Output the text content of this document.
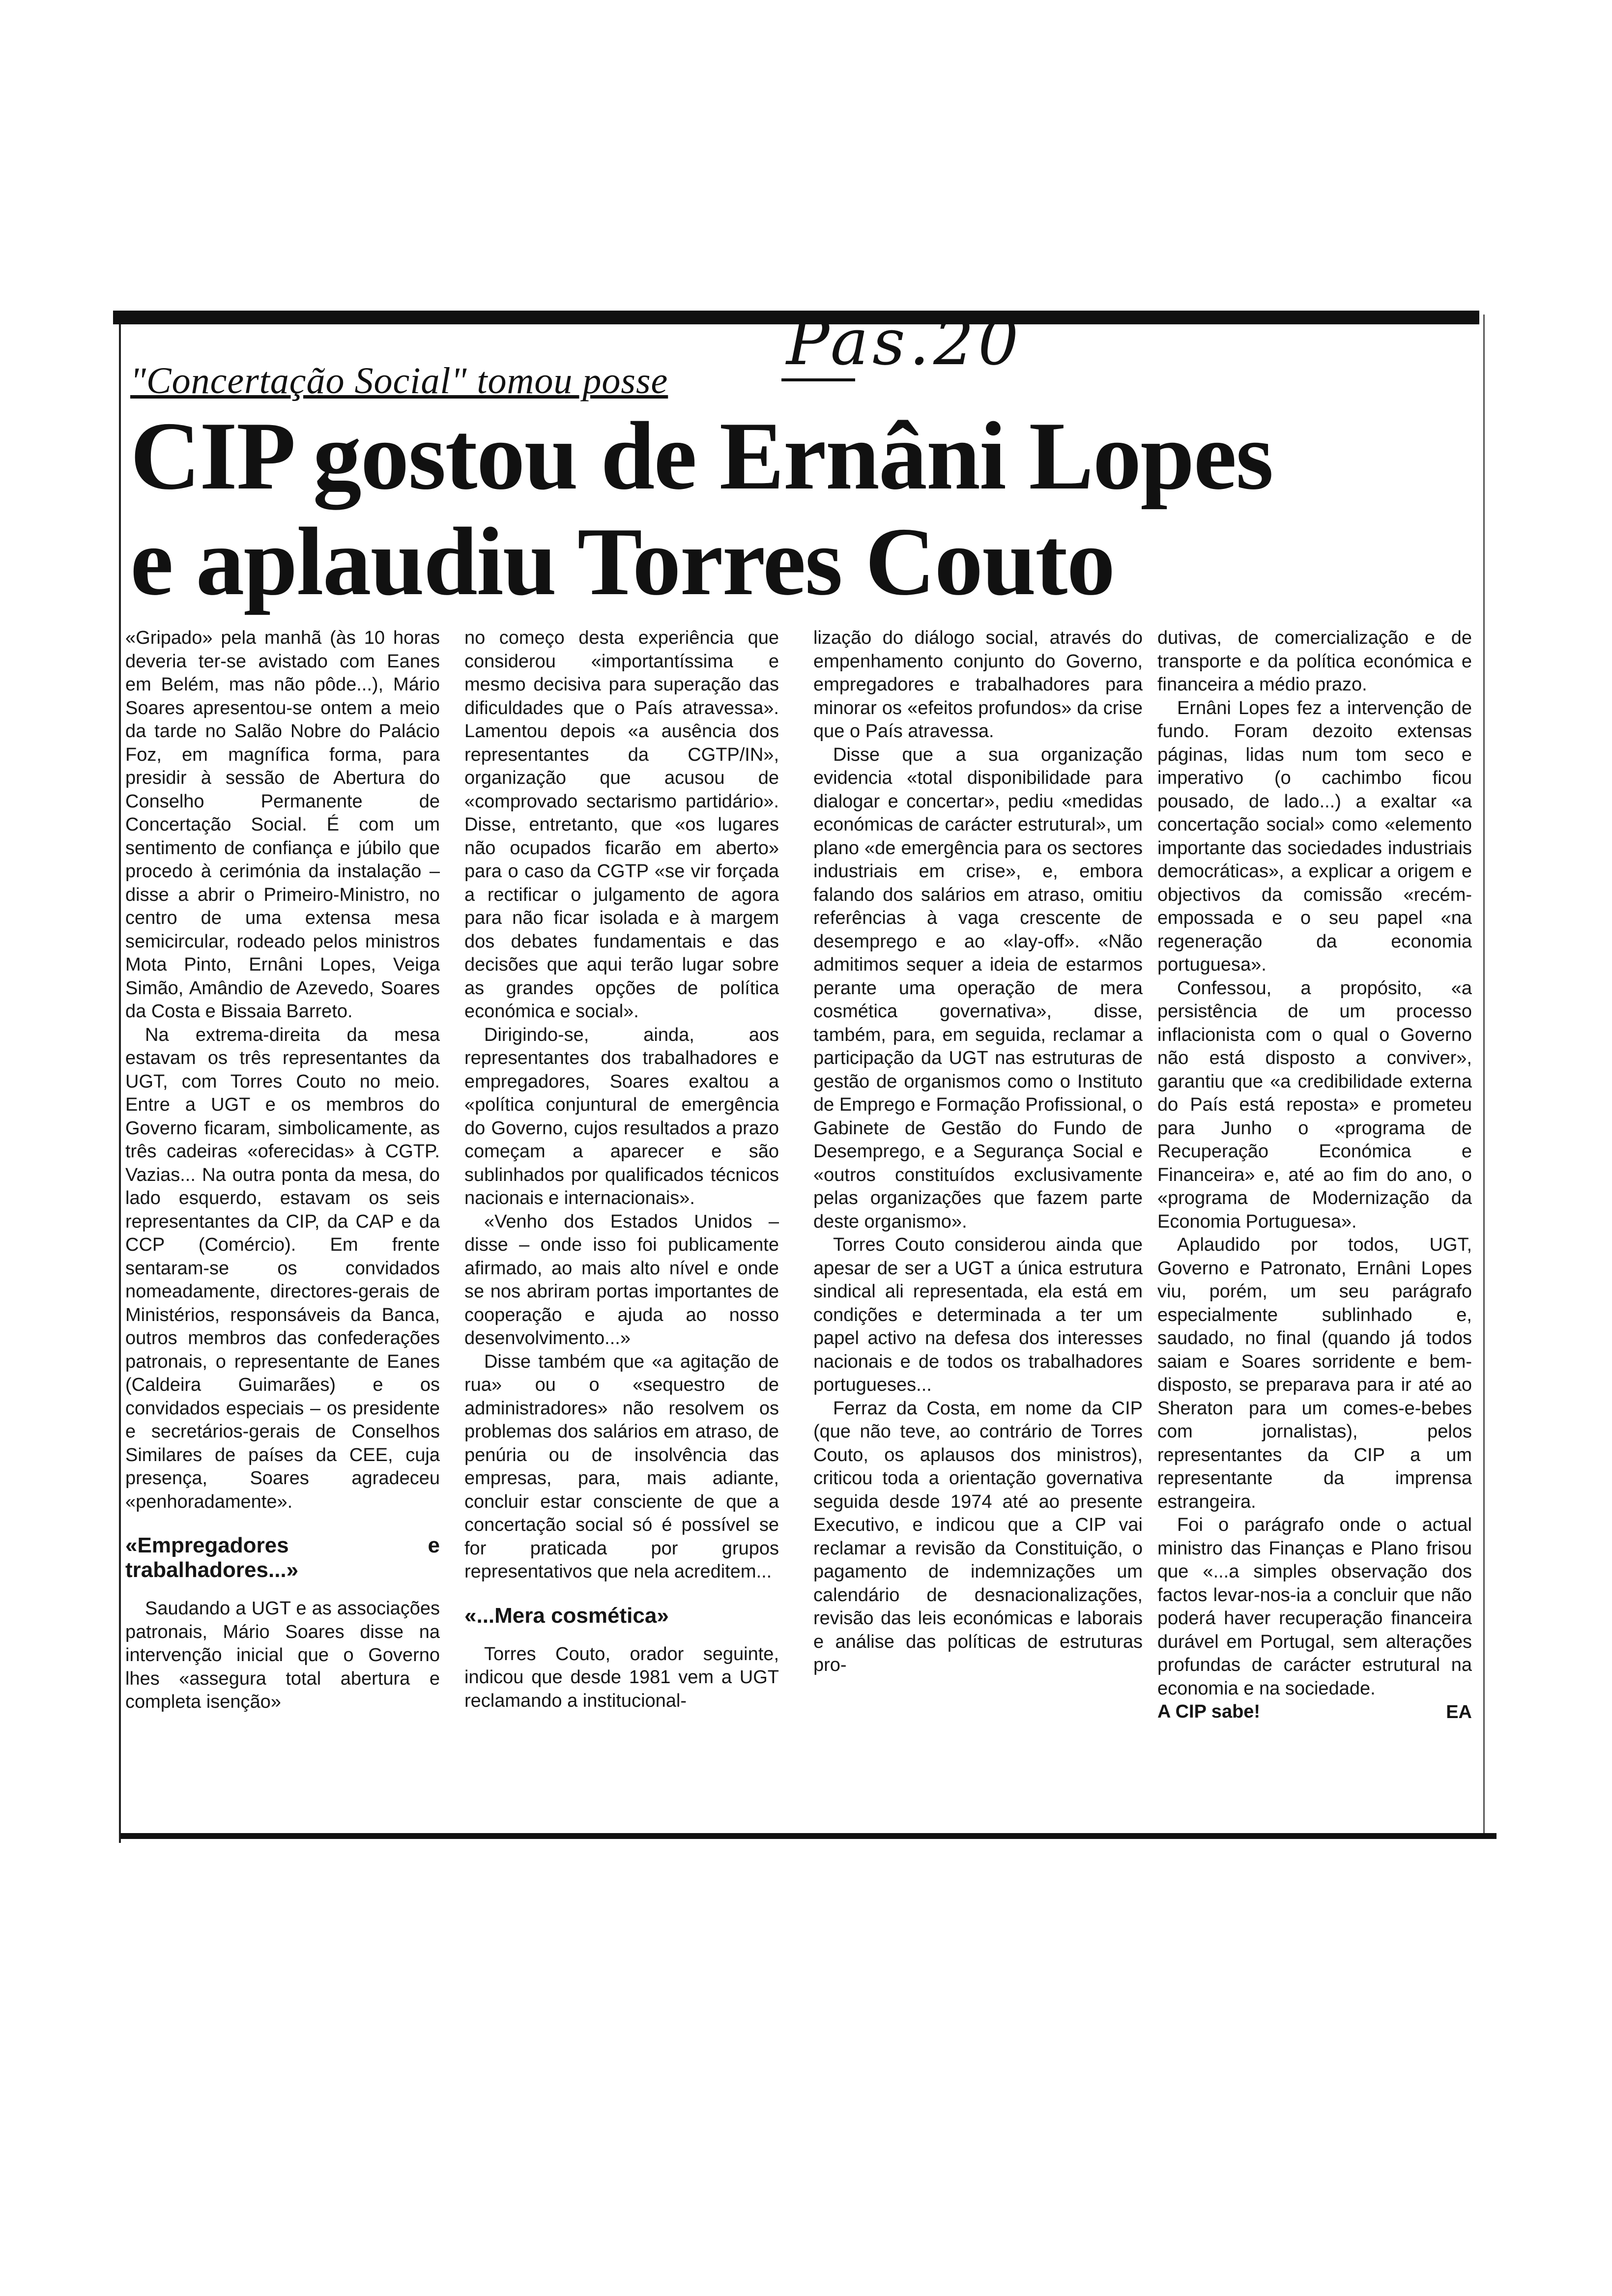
"Concertação Social" tomou posse
Pas.20
CIP gostou de Ernâni Lopes
e aplaudiu Torres Couto

«Gripado» pela manhã (às 10 horas deveria ter-se avistado com Eanes em Belém, mas não pôde...), Mário Soares apresentou-se ontem a meio da tarde no Salão Nobre do Palácio Foz, em magnífica forma, para presidir à sessão de Abertura do Conselho Permanente de Concertação Social. É com um sentimento de confiança e júbilo que procedo à cerimónia da instalação – disse a abrir o Primeiro-Ministro, no centro de uma extensa mesa semicircular, rodeado pelos ministros Mota Pinto, Ernâni Lopes, Veiga Simão, Amândio de Azevedo, Soares da Costa e Bissaia Barreto.

Na extrema-direita da mesa estavam os três representantes da UGT, com Torres Couto no meio. Entre a UGT e os membros do Governo ficaram, simbolicamente, as três cadeiras «oferecidas» à CGTP. Vazias... Na outra ponta da mesa, do lado esquerdo, estavam os seis representantes da CIP, da CAP e da CCP (Comércio). Em frente sentaram-se os convidados nomeadamente, directores-gerais de Ministérios, responsáveis da Banca, outros membros das confederações patronais, o representante de Eanes (Caldeira Guimarães) e os convidados especiais – os presidente e secretários-gerais de Conselhos Similares de países da CEE, cuja presença, Soares agradeceu «penhoradamente».

«Empregadores e trabalhadores...»

Saudando a UGT e as associações patronais, Mário Soares disse na intervenção inicial que o Governo lhes «assegura total abertura e completa isenção»

no começo desta experiência que considerou «importantíssima e mesmo decisiva para superação das dificuldades que o País atravessa». Lamentou depois «a ausência dos representantes da CGTP/IN», organização que acusou de «comprovado sectarismo partidário». Disse, entretanto, que «os lugares não ocupados ficarão em aberto» para o caso da CGTP «se vir forçada a rectificar o julgamento de agora para não ficar isolada e à margem dos debates fundamentais e das decisões que aqui terão lugar sobre as grandes opções de política económica e social».

Dirigindo-se, ainda, aos representantes dos trabalhadores e empregadores, Soares exaltou a «política conjuntural de emergência do Governo, cujos resultados a prazo começam a aparecer e são sublinhados por qualificados técnicos nacionais e internacionais».

«Venho dos Estados Unidos – disse – onde isso foi publicamente afirmado, ao mais alto nível e onde se nos abriram portas importantes de cooperação e ajuda ao nosso desenvolvimento...»

Disse também que «a agitação de rua» ou o «sequestro de administradores» não resolvem os problemas dos salários em atraso, de penúria ou de insolvência das empresas, para, mais adiante, concluir estar consciente de que a concertação social só é possível se for praticada por grupos representativos que nela acreditem...

«...Mera cosmética»

Torres Couto, orador seguinte, indicou que desde 1981 vem a UGT reclamando a institucional-

lização do diálogo social, através do empenhamento conjunto do Governo, empregadores e trabalhadores para minorar os «efeitos profundos» da crise que o País atravessa.

Disse que a sua organização evidencia «total disponibilidade para dialogar e concertar», pediu «medidas económicas de carácter estrutural», um plano «de emergência para os sectores industriais em crise», e, embora falando dos salários em atraso, omitiu referências à vaga crescente de desemprego e ao «lay-off». «Não admitimos sequer a ideia de estarmos perante uma operação de mera cosmética governativa», disse, também, para, em seguida, reclamar a participação da UGT nas estruturas de gestão de organismos como o Instituto de Emprego e Formação Profissional, o Gabinete de Gestão do Fundo de Desemprego, e a Segurança Social e «outros constituídos exclusivamente pelas organizações que fazem parte deste organismo».

Torres Couto considerou ainda que apesar de ser a UGT a única estrutura sindical ali representada, ela está em condições e determinada a ter um papel activo na defesa dos interesses nacionais e de todos os trabalhadores portugueses...

Ferraz da Costa, em nome da CIP (que não teve, ao contrário de Torres Couto, os aplausos dos ministros), criticou toda a orientação governativa seguida desde 1974 até ao presente Executivo, e indicou que a CIP vai reclamar a revisão da Constituição, o pagamento de indemnizações um calendário de desnacionalizações, revisão das leis económicas e laborais e análise das políticas de estruturas pro-

dutivas, de comercialização e de transporte e da política económica e financeira a médio prazo.

Ernâni Lopes fez a intervenção de fundo. Foram dezoito extensas páginas, lidas num tom seco e imperativo (o cachimbo ficou pousado, de lado...) a exaltar «a concertação social» como «elemento importante das sociedades industriais democráticas», a explicar a origem e objectivos da comissão «recém-empossada e o seu papel «na regeneração da economia portuguesa».

Confessou, a propósito, «a persistência de um processo inflacionista com o qual o Governo não está disposto a conviver», garantiu que «a credibilidade externa do País está reposta» e prometeu para Junho o «programa de Recuperação Económica e Financeira» e, até ao fim do ano, o «programa de Modernização da Economia Portuguesa».

Aplaudido por todos, UGT, Governo e Patronato, Ernâni Lopes viu, porém, um seu parágrafo especialmente sublinhado e, saudado, no final (quando já todos saiam e Soares sorridente e bem-disposto, se preparava para ir até ao Sheraton para um comes-e-bebes com jornalistas), pelos representantes da CIP a um representante da imprensa estrangeira.

Foi o parágrafo onde o actual ministro das Finanças e Plano frisou que «...a simples observação dos factos levar-nos-ia a concluir que não poderá haver recuperação financeira durável em Portugal, sem alterações profundas de carácter estrutural na economia e na sociedade.

A CIP sabe!	EA
